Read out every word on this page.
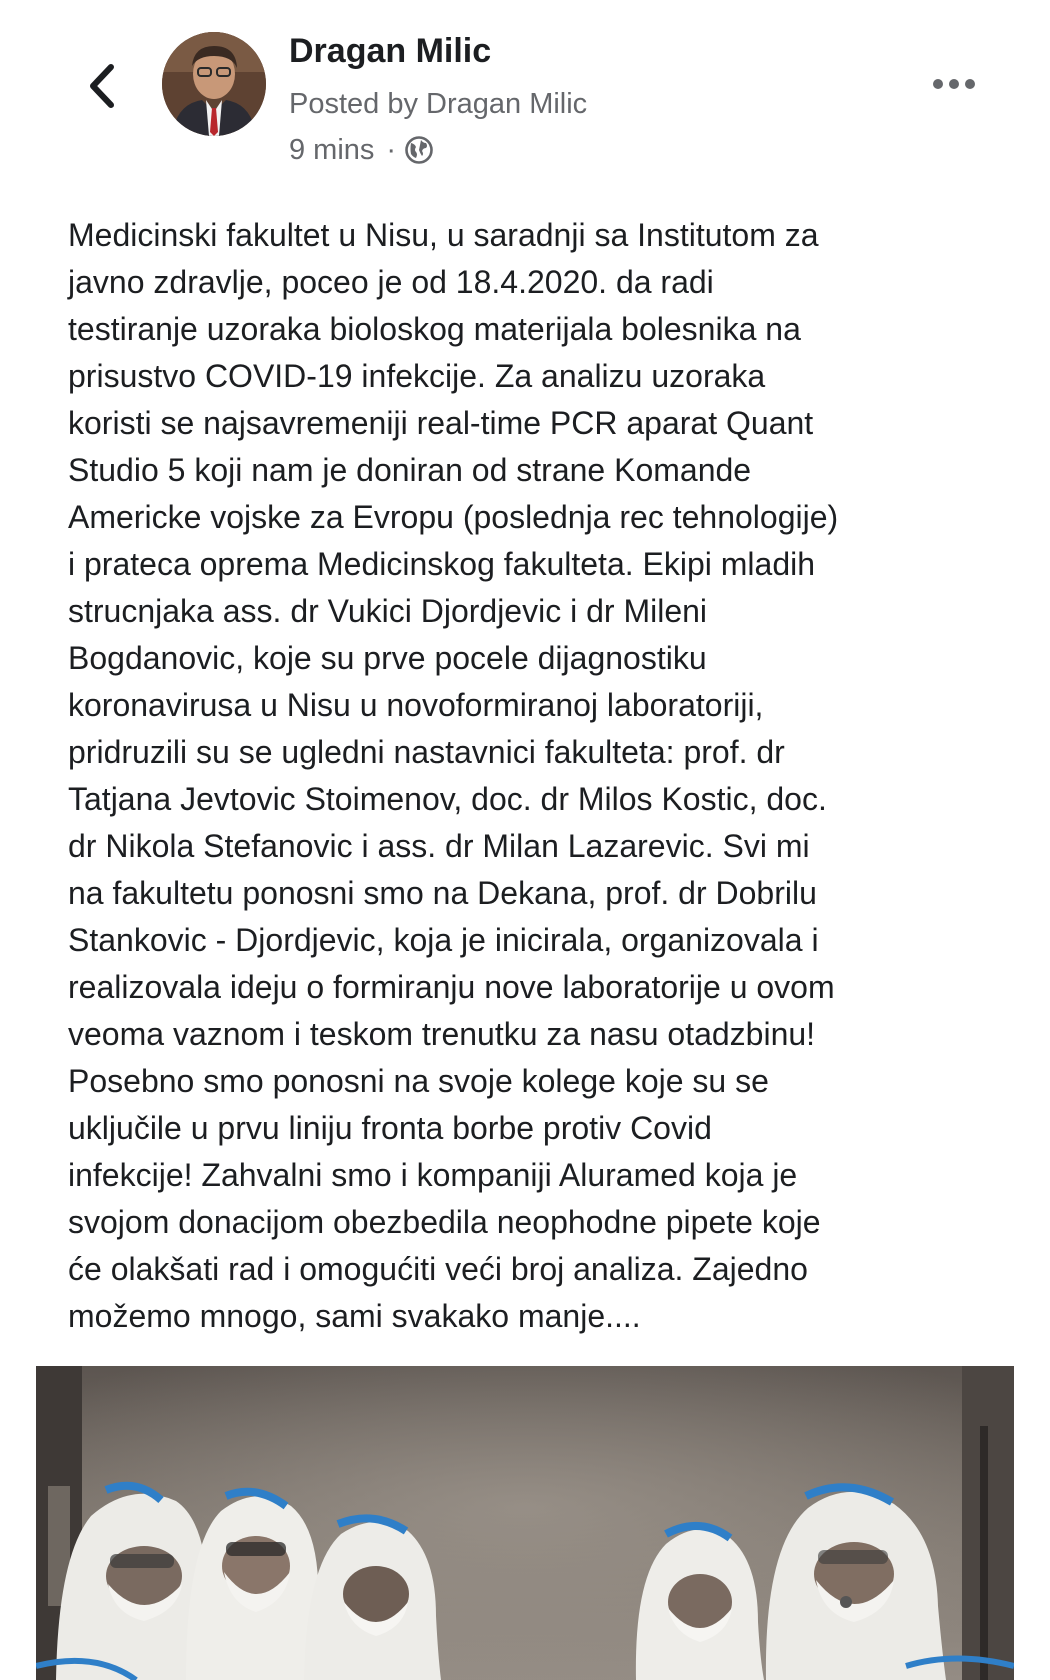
Dragan Milic
Posted by Dragan Milic
9 mins ·
Medicinski fakultet u Nisu, u saradnji sa Institutom za
javno zdravlje, poceo je od 18.4.2020. da radi
testiranje uzoraka bioloskog materijala bolesnika na
prisustvo COVID-19 infekcije. Za analizu uzoraka
koristi se najsavremeniji real-time PCR aparat Quant
Studio 5 koji nam je doniran od strane Komande
Americke vojske za Evropu (poslednja rec tehnologije)
i prateca oprema Medicinskog fakulteta. Ekipi mladih
strucnjaka ass. dr Vukici Djordjevic i dr Mileni
Bogdanovic, koje su prve pocele dijagnostiku
koronavirusa u Nisu u novoformiranoj laboratoriji,
pridruzili su se ugledni nastavnici fakulteta: prof. dr
Tatjana Jevtovic Stoimenov, doc. dr Milos Kostic, doc.
dr Nikola Stefanovic i ass. dr Milan Lazarevic. Svi mi
na fakultetu ponosni smo na Dekana, prof. dr Dobrilu
Stankovic - Djordjevic, koja je inicirala, organizovala i
realizovala ideju o formiranju nove laboratorije u ovom
veoma vaznom i teskom trenutku za nasu otadzbinu!
Posebno smo ponosni na svoje kolege koje su se
uključile u prvu liniju fronta borbe protiv Covid
infekcije! Zahvalni smo i kompaniji Aluramed koja je
svojom donacijom obezbedila neophodne pipete koje
će olakšati rad i omogućiti veći broj analiza. Zajedno
možemo mnogo, sami svakako manje....
